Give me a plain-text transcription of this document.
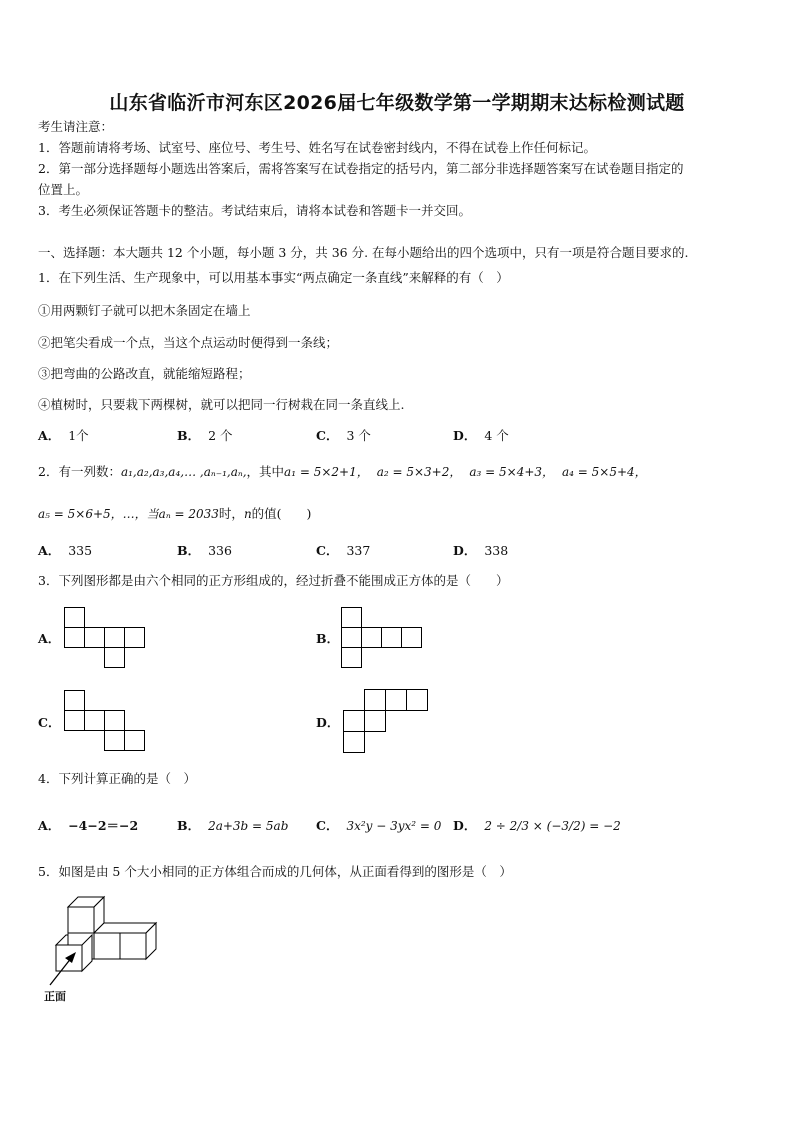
山东省临沂市河东区2026届七年级数学第一学期期末达标检测试题
考生请注意：
1．答题前请将考场、试室号、座位号、考生号、姓名写在试卷密封线内，不得在试卷上作任何标记。
2．第一部分选择题每小题选出答案后，需将答案写在试卷指定的括号内，第二部分非选择题答案写在试卷题目指定的
位置上。
3．考生必须保证答题卡的整洁。考试结束后，请将本试卷和答题卡一并交回。
一、选择题：本大题共 12 个小题，每小题 3 分，共 36 分. 在每小题给出的四个选项中，只有一项是符合题目要求的.
1．在下列生活、生产现象中，可以用基本事实“两点确定一条直线”来解释的有（　）
①用两颗钉子就可以把木条固定在墙上
②把笔尖看成一个点，当这个点运动时便得到一条线；
③把弯曲的公路改直，就能缩短路程；
④植树时，只要栽下两棵树，就可以把同一行树栽在同一条直线上.
A． 1个	B． 2 个	C． 3 个	D． 4 个
2．有一列数：a₁,a₂,a₃,a₄,… ,aₙ₋₁,aₙ,，其中a₁ = 5×2+1， a₂ = 5×3+2， a₃ = 5×4+3， a₄ = 5×5+4，
a₅ = 5×6+5，…，当aₙ = 2033时，n的值(　　)
A． 335	B． 336	C． 337	D． 338
3．下列图形都是由六个相同的正方形组成的，经过折叠不能围成正方体的是（　　）
A．	B．
C．	D．
4．下列计算正确的是（　）
A． −4−2＝−2	B． 2a+3b = 5ab C． 3x²y − 3yx² = 0 D． 2 ÷ 2/3 × (−3/2) = −2
5．如图是由 5 个大小相同的正方体组合而成的几何体，从正面看得到的图形是（　）
正面
